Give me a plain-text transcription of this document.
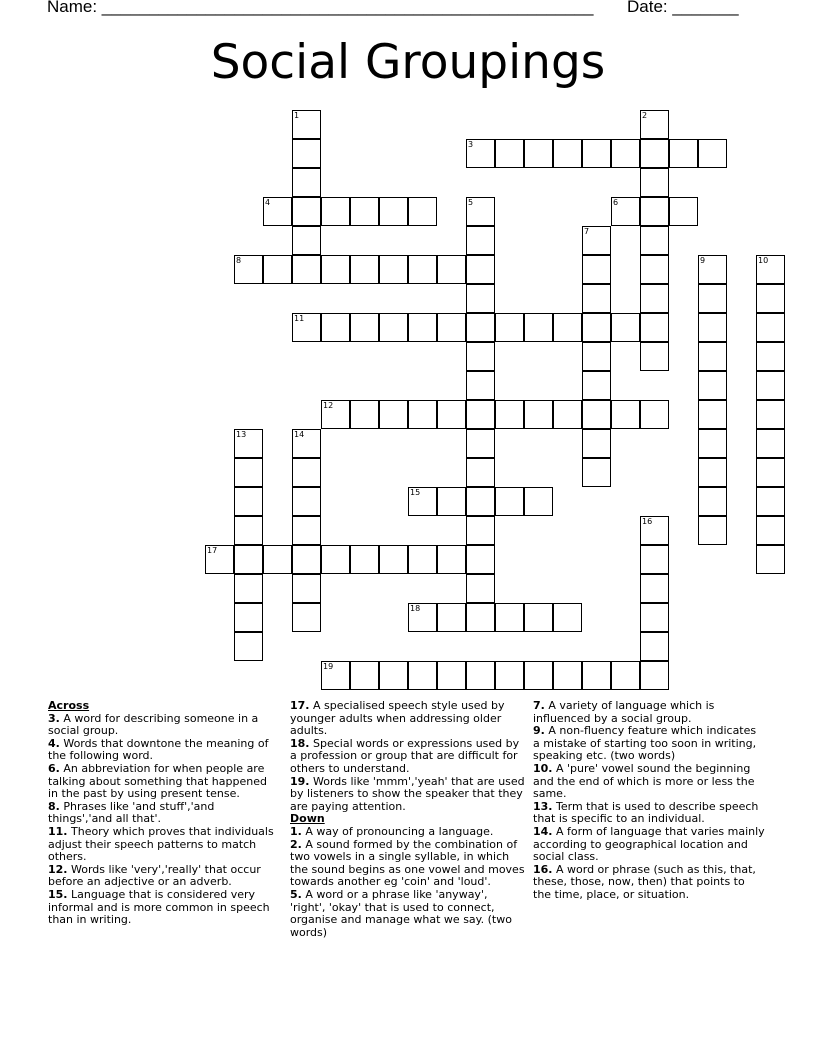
Name: ____________________________________________________ Date: _______
Social Groupings
1	2
3
4	5	6
7
8	9	10
11
12
13	14
15
16
17
18
19
Across
3. A word for describing someone in a social group.
4. Words that downtone the meaning of the following word.
6. An abbreviation for when people are talking about something that happened in the past by using present tense.
8. Phrases like 'and stuff','and things','and all that'.
11. Theory which proves that individuals adjust their speech patterns to match others.
12. Words like 'very','really' that occur before an adjective or an adverb.
15. Language that is considered very informal and is more common in speech than in writing.
17. A specialised speech style used by younger adults when addressing older adults.
18. Special words or expressions used by a profession or group that are difficult for others to understand.
19. Words like 'mmm','yeah' that are used by listeners to show the speaker that they are paying attention.
Down
1. A way of pronouncing a language.
2. A sound formed by the combination of two vowels in a single syllable, in which the sound begins as one vowel and moves towards another eg 'coin' and 'loud'.
5. A word or a phrase like 'anyway', 'right', 'okay' that is used to connect, organise and manage what we say. (two words)
7. A variety of language which is influenced by a social group.
9. A non-fluency feature which indicates a mistake of starting too soon in writing, speaking etc. (two words)
10. A 'pure' vowel sound the beginning and the end of which is more or less the same.
13. Term that is used to describe speech that is specific to an individual.
14. A form of language that varies mainly according to geographical location and social class.
16. A word or phrase (such as this, that, these, those, now, then) that points to the time, place, or situation.
